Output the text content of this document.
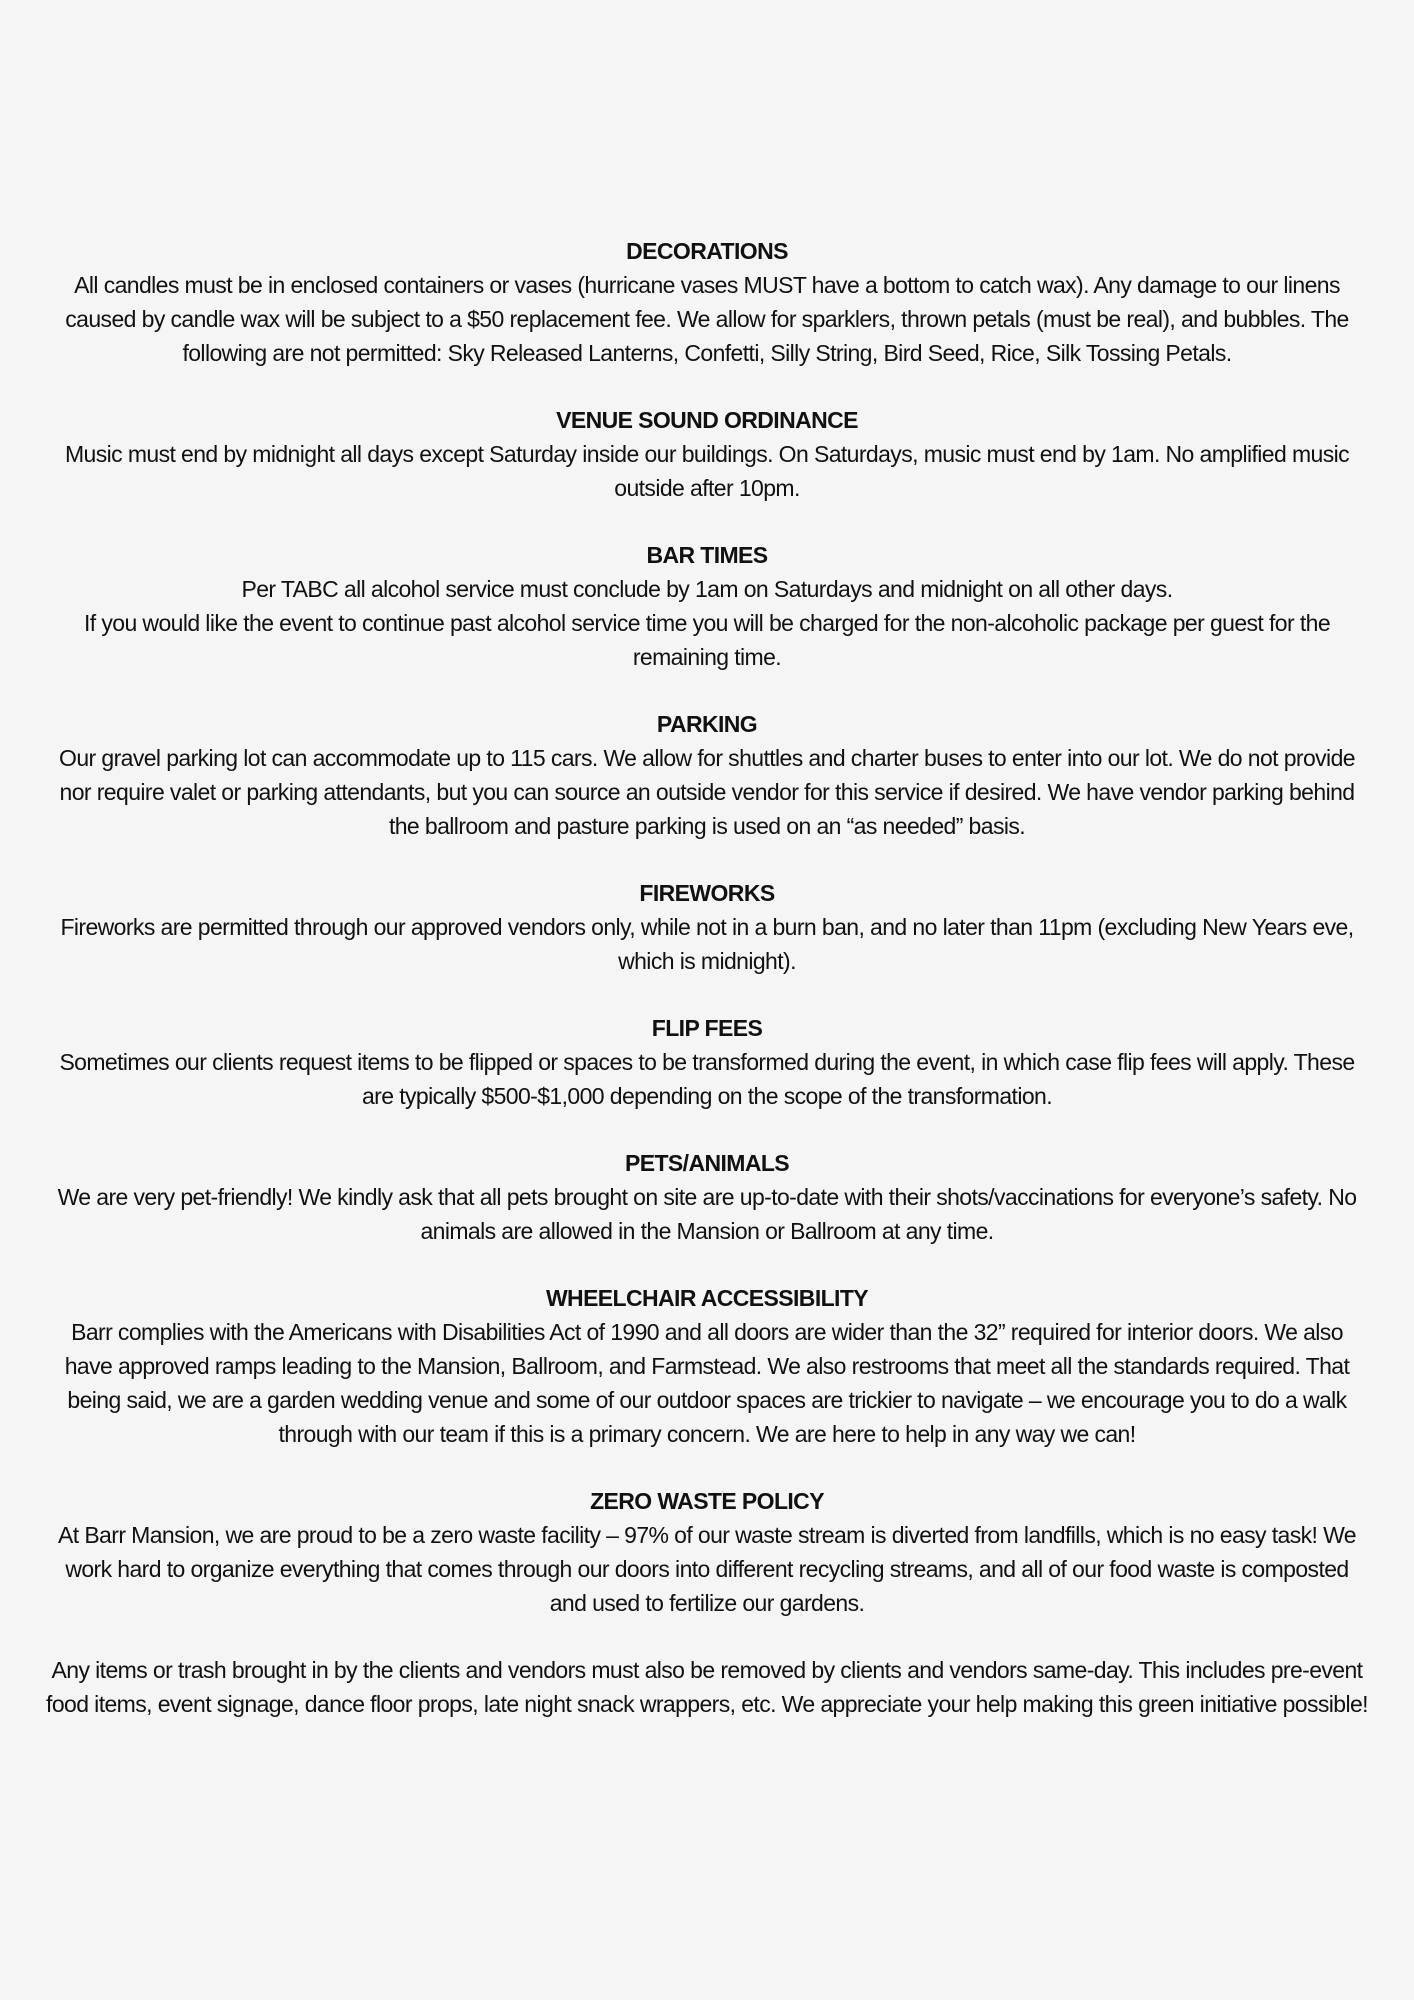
DECORATIONS

All candles must be in enclosed containers or vases (hurricane vases MUST have a bottom to catch wax). Any damage to our linens caused by candle wax will be subject to a $50 replacement fee. We allow for sparklers, thrown petals (must be real), and bubbles. The following are not permitted: Sky Released Lanterns, Confetti, Silly String, Bird Seed, Rice, Silk Tossing Petals.

VENUE SOUND ORDINANCE

Music must end by midnight all days except Saturday inside our buildings. On Saturdays, music must end by 1am. No amplified music outside after 10pm.

BAR TIMES

Per TABC all alcohol service must conclude by 1am on Saturdays and midnight on all other days.

If you would like the event to continue past alcohol service time you will be charged for the non-alcoholic package per guest for the remaining time.

PARKING

Our gravel parking lot can accommodate up to 115 cars. We allow for shuttles and charter buses to enter into our lot. We do not provide nor require valet or parking attendants, but you can source an outside vendor for this service if desired. We have vendor parking behind the ballroom and pasture parking is used on an “as needed” basis.

FIREWORKS

Fireworks are permitted through our approved vendors only, while not in a burn ban, and no later than 11pm (excluding New Years eve, which is midnight).

FLIP FEES

Sometimes our clients request items to be flipped or spaces to be transformed during the event, in which case flip fees will apply. These are typically $500-$1,000 depending on the scope of the transformation.

PETS/ANIMALS

We are very pet-friendly! We kindly ask that all pets brought on site are up-to-date with their shots/vaccinations for everyone’s safety. No animals are allowed in the Mansion or Ballroom at any time.

WHEELCHAIR ACCESSIBILITY

Barr complies with the Americans with Disabilities Act of 1990 and all doors are wider than the 32” required for interior doors. We also have approved ramps leading to the Mansion, Ballroom, and Farmstead. We also restrooms that meet all the standards required. That being said, we are a garden wedding venue and some of our outdoor spaces are trickier to navigate – we encourage you to do a walk through with our team if this is a primary concern. We are here to help in any way we can!

ZERO WASTE POLICY

At Barr Mansion, we are proud to be a zero waste facility – 97% of our waste stream is diverted from landfills, which is no easy task! We work hard to organize everything that comes through our doors into different recycling streams, and all of our food waste is composted and used to fertilize our gardens.

Any items or trash brought in by the clients and vendors must also be removed by clients and vendors same-day. This includes pre-event food items, event signage, dance floor props, late night snack wrappers, etc. We appreciate your help making this green initiative possible!
